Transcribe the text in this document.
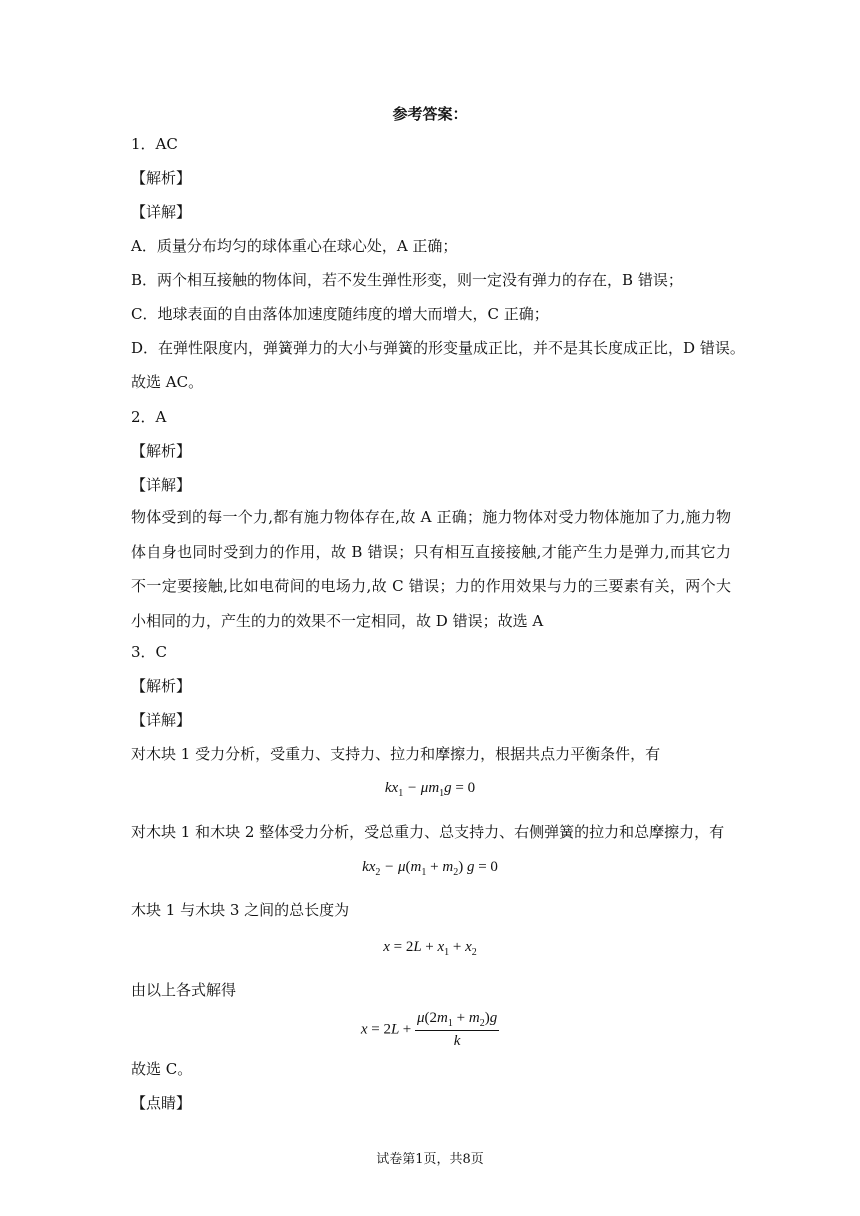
参考答案：
1．AC
【解析】
【详解】
A．质量分布均匀的球体重心在球心处，A 正确；
B．两个相互接触的物体间，若不发生弹性形变，则一定没有弹力的存在，B 错误；
C．地球表面的自由落体加速度随纬度的增大而增大，C 正确；
D．在弹性限度内，弹簧弹力的大小与弹簧的形变量成正比，并不是其长度成正比，D 错误。
故选 AC。
2．A
【解析】
【详解】
物体受到的每一个力,都有施力物体存在,故 A 正确；施力物体对受力物体施加了力,施力物体自身也同时受到力的作用，故 B 错误；只有相互直接接触,才能产生力是弹力,而其它力不一定要接触,比如电荷间的电场力,故 C 错误；力的作用效果与力的三要素有关，两个大小相同的力，产生的力的效果不一定相同，故 D 错误；故选 A
3．C
【解析】
【详解】
对木块 1 受力分析，受重力、支持力、拉力和摩擦力，根据共点力平衡条件，有
$kx_1 - \mu m_1g = 0$
对木块 1 和木块 2 整体受力分析，受总重力、总支持力、右侧弹簧的拉力和总摩擦力，有
$kx_2 - \mu(m_1 + m_2) g = 0$
木块 1 与木块 3 之间的总长度为
$x = 2L + x_1 + x_2$
由以上各式解得
$x = 2L + \frac{\mu(2m_1 + m_2)g}{k}$
故选 C。
【点睛】
试卷第1页，共8页
